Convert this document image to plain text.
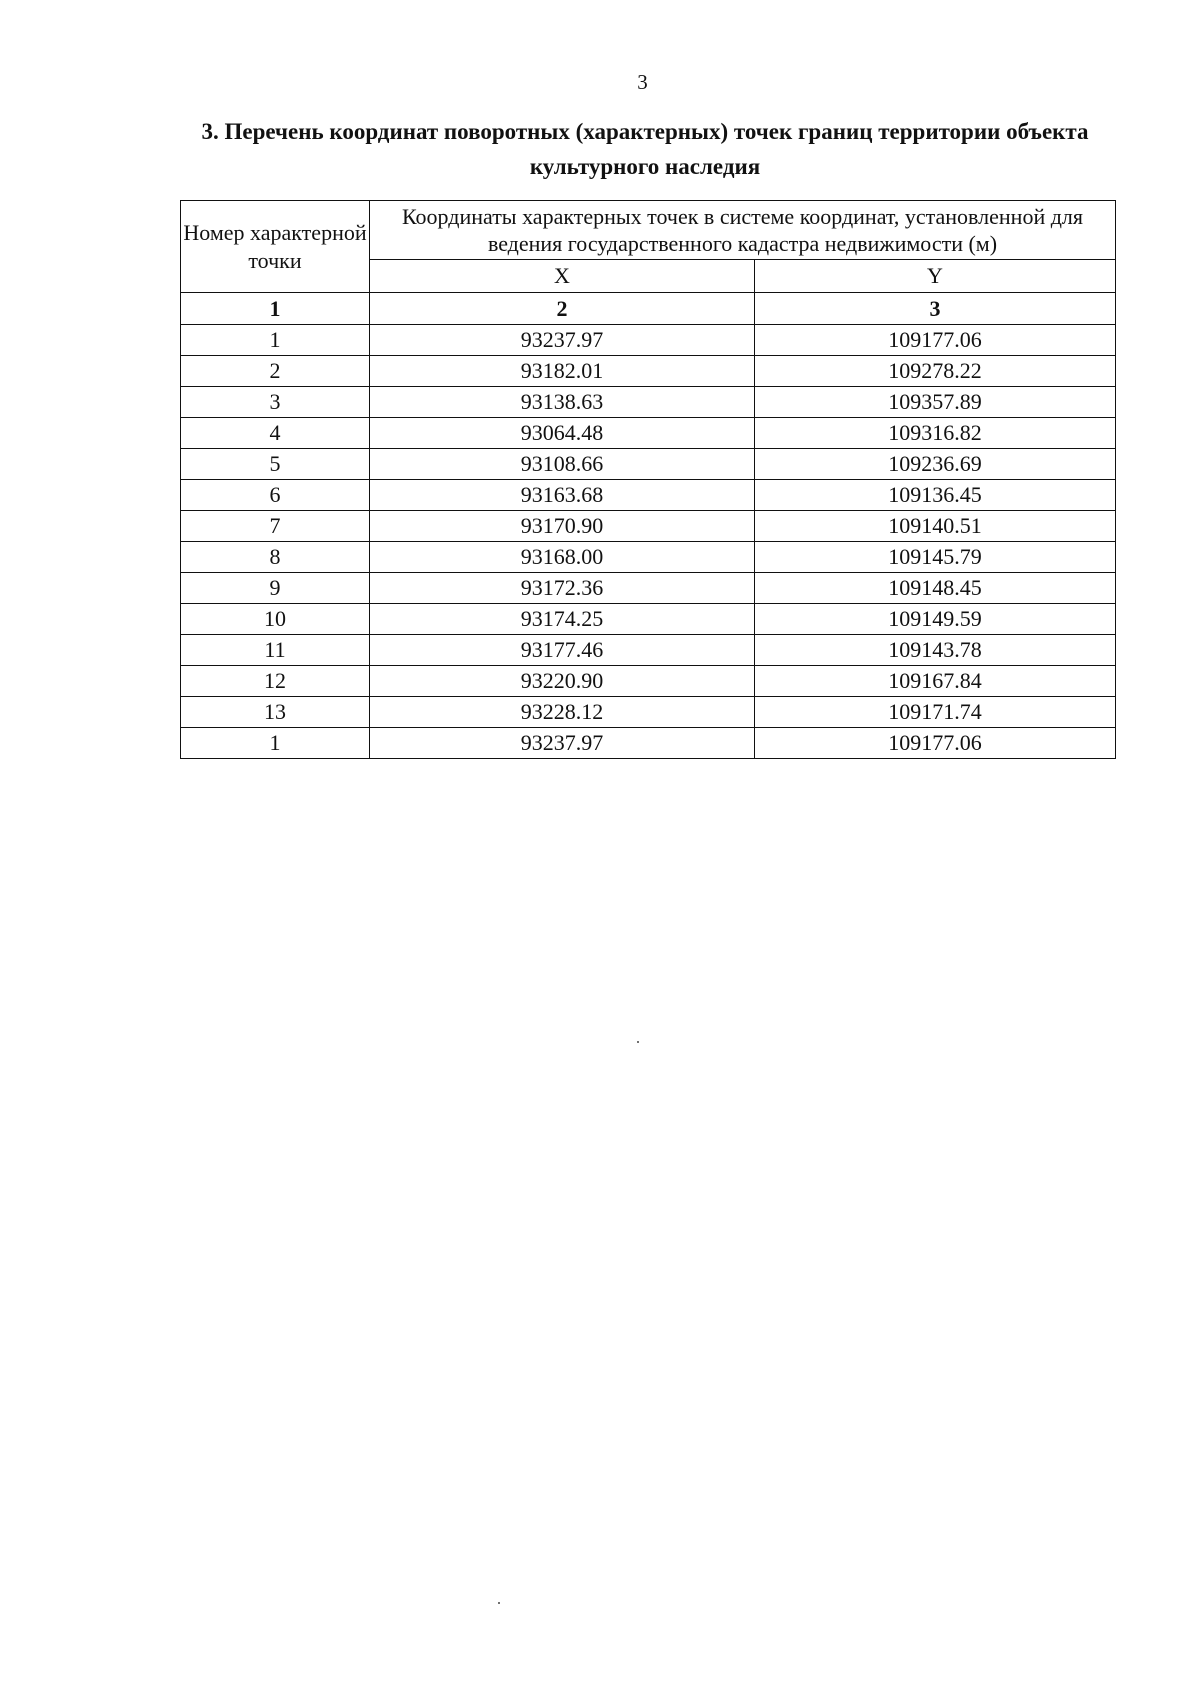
3
3. Перечень координат поворотных (характерных) точек границ территории объекта культурного наследия
Номер характерной точки	Координаты характерных точек в системе координат, установленной для ведения государственного кадастра недвижимости (м)	
	X	Y
1	2	3
1	93237.97	109177.06
2	93182.01	109278.22
3	93138.63	109357.89
4	93064.48	109316.82
5	93108.66	109236.69
6	93163.68	109136.45
7	93170.90	109140.51
8	93168.00	109145.79
9	93172.36	109148.45
10	93174.25	109149.59
11	93177.46	109143.78
12	93220.90	109167.84
13	93228.12	109171.74
1	93237.97	109177.06
